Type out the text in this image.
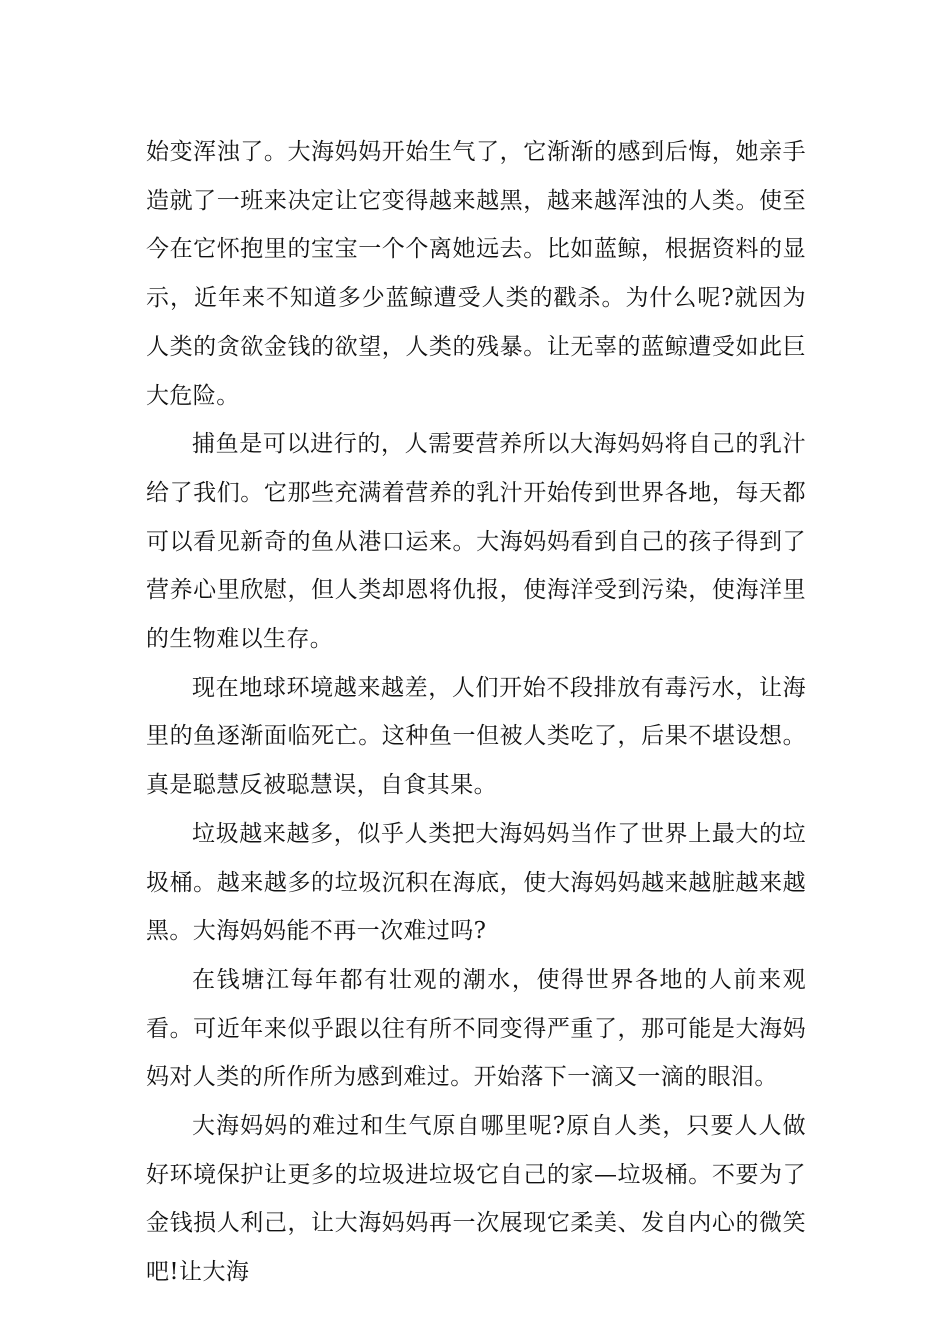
始变浑浊了。大海妈妈开始生气了，它渐渐的感到后悔，她亲手造就了一班来决定让它变得越来越黑，越来越浑浊的人类。使至今在它怀抱里的宝宝一个个离她远去。比如蓝鲸，根据资料的显示，近年来不知道多少蓝鲸遭受人类的戳杀。为什么呢?就因为人类的贪欲金钱的欲望，人类的残暴。让无辜的蓝鲸遭受如此巨大危险。

捕鱼是可以进行的，人需要营养所以大海妈妈将自己的乳汁给了我们。它那些充满着营养的乳汁开始传到世界各地，每天都可以看见新奇的鱼从港口运来。大海妈妈看到自己的孩子得到了营养心里欣慰，但人类却恩将仇报，使海洋受到污染，使海洋里的生物难以生存。

现在地球环境越来越差，人们开始不段排放有毒污水，让海里的鱼逐渐面临死亡。这种鱼一但被人类吃了，后果不堪设想。真是聪慧反被聪慧误，自食其果。

垃圾越来越多，似乎人类把大海妈妈当作了世界上最大的垃圾桶。越来越多的垃圾沉积在海底，使大海妈妈越来越脏越来越黑。大海妈妈能不再一次难过吗?

在钱塘江每年都有壮观的潮水，使得世界各地的人前来观看。可近年来似乎跟以往有所不同变得严重了，那可能是大海妈妈对人类的所作所为感到难过。开始落下一滴又一滴的眼泪。

大海妈妈的难过和生气原自哪里呢?原自人类，只要人人做好环境保护让更多的垃圾进垃圾它自己的家—垃圾桶。不要为了金钱损人利己，让大海妈妈再一次展现它柔美、发自内心的微笑吧!让大海
